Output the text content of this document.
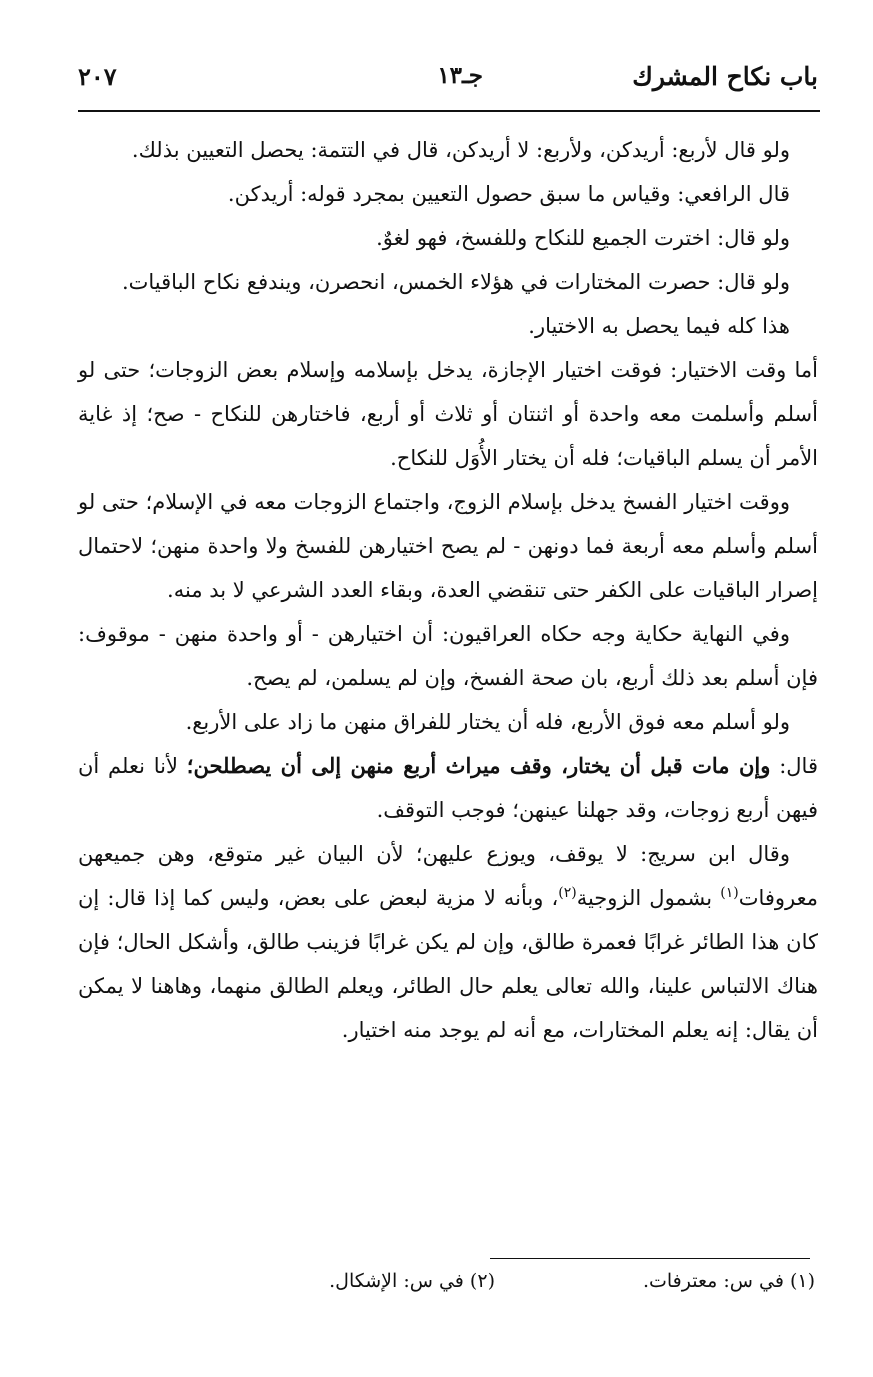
باب نكاح المشرك
جـ١٣
٢٠٧

ولو قال لأربع: أريدكن، ولأربع: لا أريدكن، قال في التتمة: يحصل التعيين بذلك.

قال الرافعي: وقياس ما سبق حصول التعيين بمجرد قوله: أريدكن.

ولو قال: اخترت الجميع للنكاح وللفسخ، فهو لغوٌ.

ولو قال: حصرت المختارات في هؤلاء الخمس، انحصرن، ويندفع نكاح الباقيات.

هذا كله فيما يحصل به الاختيار.

أما وقت الاختيار: فوقت اختيار الإجازة، يدخل بإسلامه وإسلام بعض الزوجات؛ حتى لو أسلم وأسلمت معه واحدة أو اثنتان أو ثلاث أو أربع، فاختارهن للنكاح - صح؛ إذ غاية الأمر أن يسلم الباقيات؛ فله أن يختار الأُوَل للنكاح.

ووقت اختيار الفسخ يدخل بإسلام الزوج، واجتماع الزوجات معه في الإسلام؛ حتى لو أسلم وأسلم معه أربعة فما دونهن - لم يصح اختيارهن للفسخ ولا واحدة منهن؛ لاحتمال إصرار الباقيات على الكفر حتى تنقضي العدة، وبقاء العدد الشرعي لا بد منه.

وفي النهاية حكاية وجه حكاه العراقيون: أن اختيارهن - أو واحدة منهن - موقوف: فإن أسلم بعد ذلك أربع، بان صحة الفسخ، وإن لم يسلمن، لم يصح.

ولو أسلم معه فوق الأربع، فله أن يختار للفراق منهن ما زاد على الأربع.

قال: وإن مات قبل أن يختار، وقف ميراث أربع منهن إلى أن يصطلحن؛ لأنا نعلم أن فيهن أربع زوجات، وقد جهلنا عينهن؛ فوجب التوقف.

وقال ابن سريج: لا يوقف، ويوزع عليهن؛ لأن البيان غير متوقع، وهن جميعهن معروفات$^{(١)}$ بشمول الزوجية$^{(٢)}$، وبأنه لا مزية لبعض على بعض، وليس كما إذا قال: إن كان هذا الطائر غرابًا فعمرة طالق، وإن لم يكن غرابًا فزينب طالق، وأشكل الحال؛ فإن هناك الالتباس علينا، والله تعالى يعلم حال الطائر، ويعلم الطالق منهما، وهاهنا لا يمكن أن يقال: إنه يعلم المختارات، مع أنه لم يوجد منه اختيار.

(١) في س: معترفات.
(٢) في س: الإشكال.
